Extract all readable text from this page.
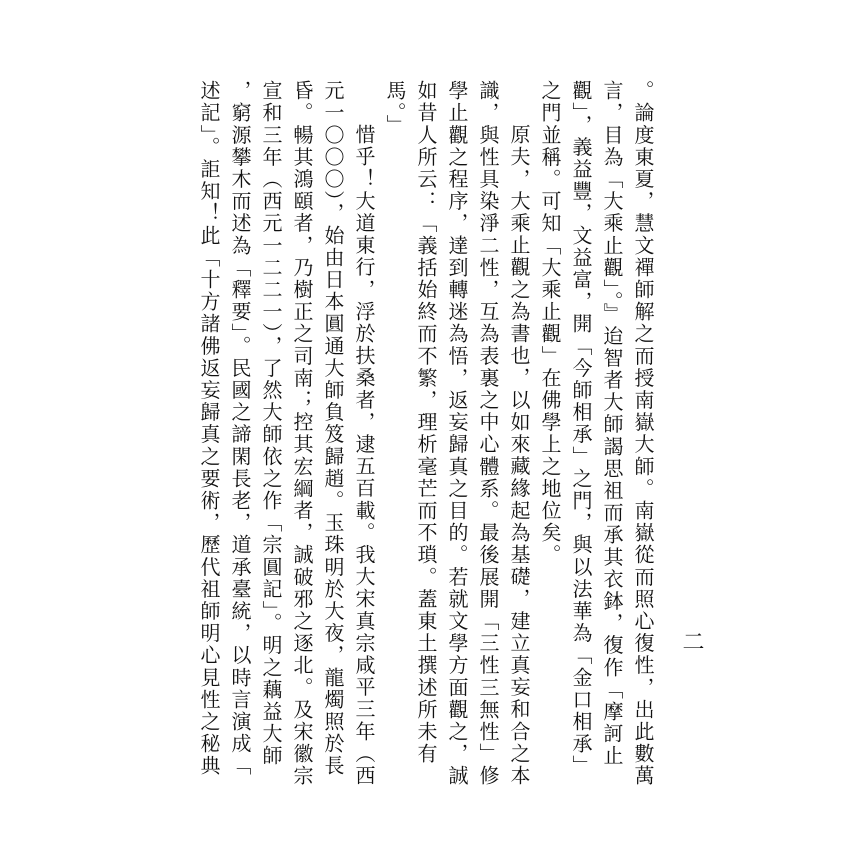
。論度東夏，慧文禪師解之而授南嶽大師。南嶽從而照心復性，出此數萬
言，目為「大乘止觀」。』迨智者大師謁思祖而承其衣鉢，復作「摩訶止
觀」，義益豐，文益富，開「今師相承」之門，與以法華為「金口相承」
之門並稱。可知「大乘止觀」在佛學上之地位矣。
原夫，大乘止觀之為書也，以如來藏緣起為基礎，建立真妄和合之本
識，與性具染淨二性，互為表裏之中心體系。最後展開「三性三無性」修
學止觀之程序，達到轉迷為悟，返妄歸真之目的。若就文學方面觀之，誠
如昔人所云：「義括始終而不繁，理析毫芒而不瑣。蓋東土撰述所未有
馬。」
惜乎！大道東行，浮於扶桑者，逮五百載。我大宋真宗咸平三年（西
元一〇〇〇），始由日本圓通大師負笈歸趙。玉珠明於大夜，龍燭照於長
昏。暢其鴻頤者，乃樹正之司南；控其宏綱者，誠破邪之逐北。及宋徽宗
宣和三年（西元一二二一），了然大師依之作「宗圓記」。明之藕益大師
，窮源攀木而述為「釋要」。民國之諦閑長老，道承臺統，以時言演成「
述記」。詎知！此「十方諸佛返妄歸真之要術，歷代祖師明心見性之秘典	二
